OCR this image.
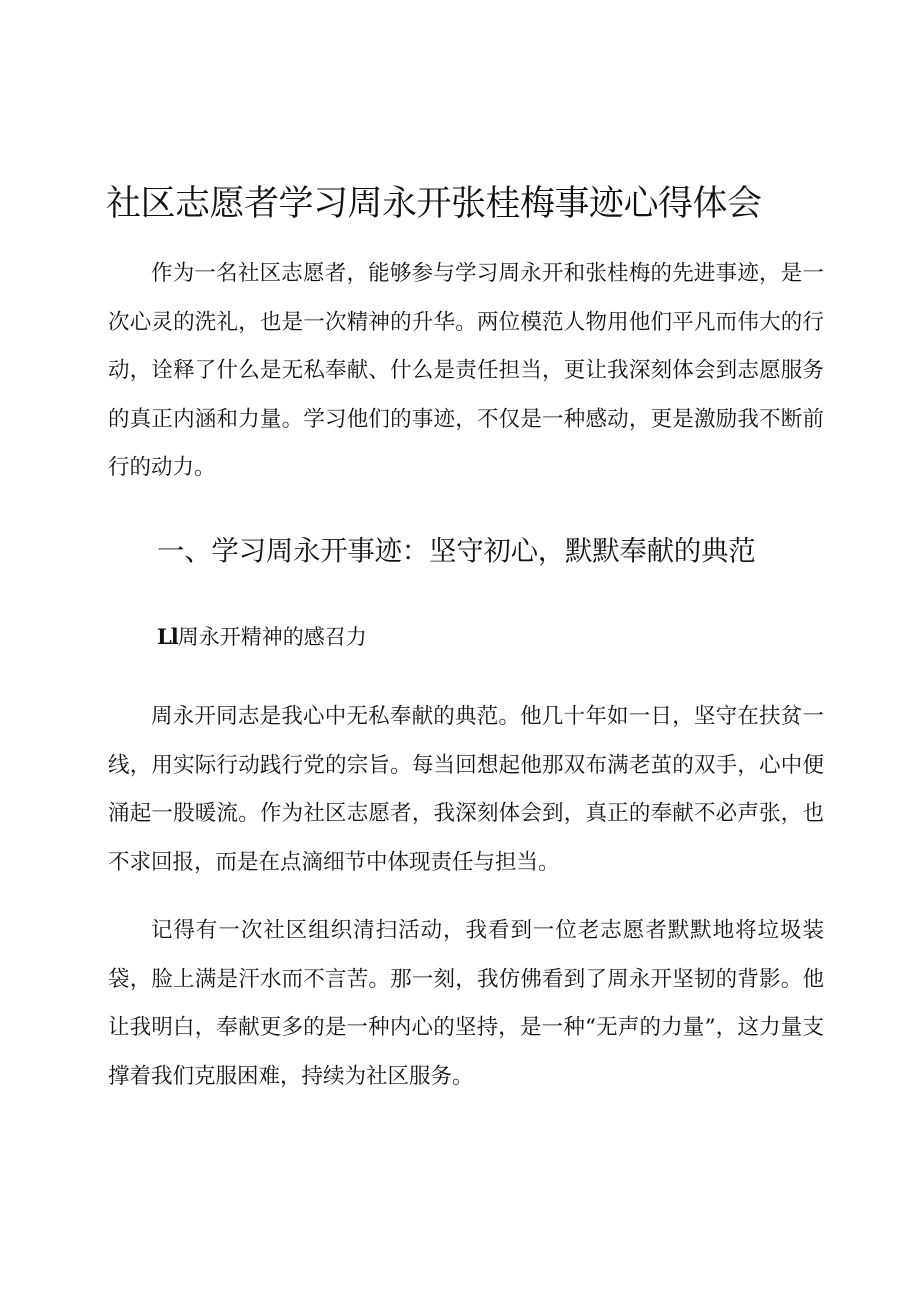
社区志愿者学习周永开张桂梅事迹心得体会

作为一名社区志愿者，能够参与学习周永开和张桂梅的先进事迹，是一次心灵的洗礼，也是一次精神的升华。两位模范人物用他们平凡而伟大的行动，诠释了什么是无私奉献、什么是责任担当，更让我深刻体会到志愿服务的真正内涵和力量。学习他们的事迹，不仅是一种感动，更是激励我不断前行的动力。

一、学习周永开事迹：坚守初心，默默奉献的典范
Ll周永开精神的感召力

周永开同志是我心中无私奉献的典范。他几十年如一日，坚守在扶贫一线，用实际行动践行党的宗旨。每当回想起他那双布满老茧的双手，心中便涌起一股暖流。作为社区志愿者，我深刻体会到，真正的奉献不必声张，也不求回报，而是在点滴细节中体现责任与担当。

记得有一次社区组织清扫活动，我看到一位老志愿者默默地将垃圾装袋，脸上满是汗水而不言苦。那一刻，我仿佛看到了周永开坚韧的背影。他让我明白，奉献更多的是一种内心的坚持，是一种“无声的力量”，这力量支撑着我们克服困难，持续为社区服务。
